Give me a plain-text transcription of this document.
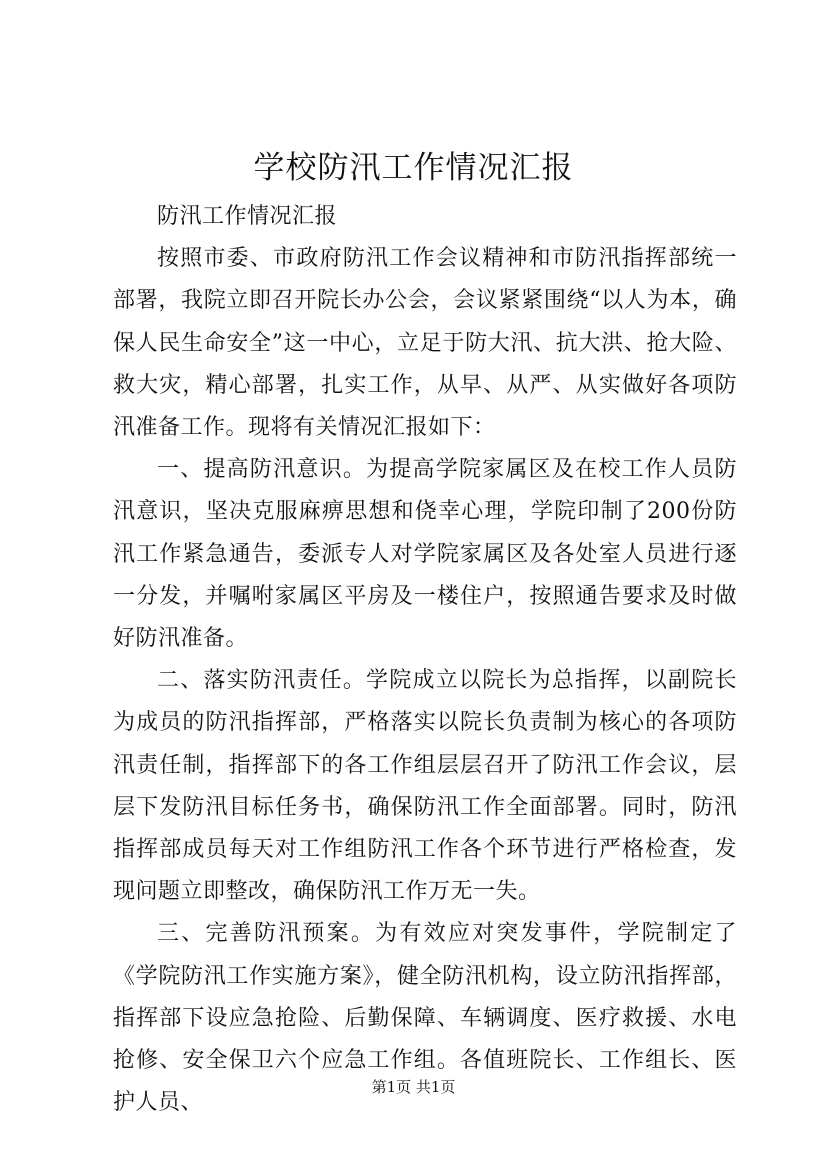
学校防汛工作情况汇报

防汛工作情况汇报

按照市委、市政府防汛工作会议精神和市防汛指挥部统一部署，我院立即召开院长办公会，会议紧紧围绕“以人为本，确保人民生命安全”这一中心，立足于防大汛、抗大洪、抢大险、救大灾，精心部署，扎实工作，从早、从严、从实做好各项防汛准备工作。现将有关情况汇报如下：

一、提高防汛意识。为提高学院家属区及在校工作人员防汛意识，坚决克服麻痹思想和侥幸心理，学院印制了200份防汛工作紧急通告，委派专人对学院家属区及各处室人员进行逐一分发，并嘱咐家属区平房及一楼住户，按照通告要求及时做好防汛准备。

二、落实防汛责任。学院成立以院长为总指挥，以副院长为成员的防汛指挥部，严格落实以院长负责制为核心的各项防汛责任制，指挥部下的各工作组层层召开了防汛工作会议，层层下发防汛目标任务书，确保防汛工作全面部署。同时，防汛指挥部成员每天对工作组防汛工作各个环节进行严格检查，发现问题立即整改，确保防汛工作万无一失。

三、完善防汛预案。为有效应对突发事件，学院制定了《学院防汛工作实施方案》，健全防汛机构，设立防汛指挥部，指挥部下设应急抢险、后勤保障、车辆调度、医疗救援、水电抢修、安全保卫六个应急工作组。各值班院长、工作组长、医护人员、

第1页 共1页
